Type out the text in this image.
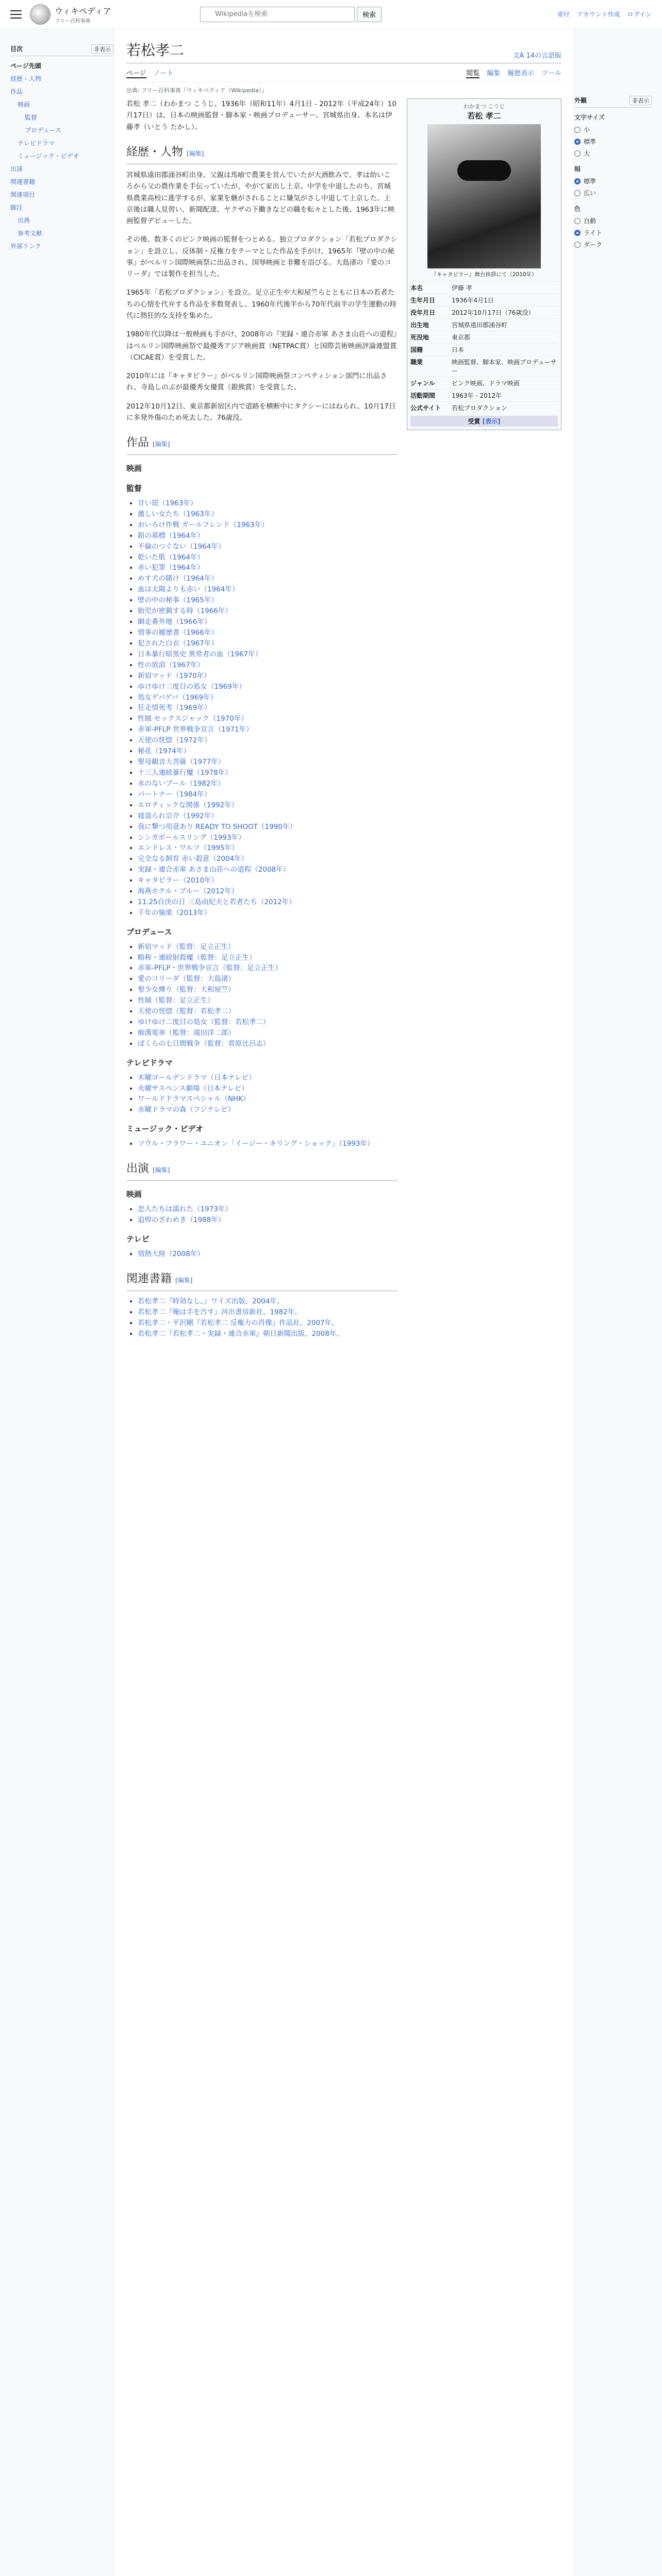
ウィキペディア
フリー百科事典
Wikipediaを検索
検索	寄付 アカウント作成 ログイン
目次	非表示
ページ先頭
経歴・人物
作品
映画
監督
プロデュース
テレビドラマ
ミュージック・ビデオ
出演
関連書籍
関連項目
脚注
出典
参考文献
外部リンク
若松孝二	文A 14の言語版
ページ ノート	閲覧 編集 履歴表示 ツール
出典: フリー百科事典『ウィキペディア（Wikipedia）』

若松 孝二（わかまつ こうじ、1936年（昭和11年）4月1日 - 2012年（平成24年）10月17日）は、日本の映画監督・脚本家・映画プロデューサー。宮城県出身。本名は伊藤孝（いとう たかし）。

経歴・人物 [編集]

宮城県遠田郡涌谷町出身。父親は馬喰で農業を営んでいたが大酒飲みで、孝は幼いころから父の農作業を手伝っていたが、やがて家出し上京。中学を中退したのち、宮城県農業高校に進学するが、家業を継がされることに嫌気がさし中退して上京した。上京後は職人見習い、新聞配達、ヤクザの下働きなどの職を転々とした後、1963年に映画監督デビューした。

その後、数多くのピンク映画の監督をつとめる。独立プロダクション「若松プロダクション」を設立し、反体制・反権力をテーマとした作品を手がけ、1965年『壁の中の秘事』がベルリン国際映画祭に出品され、国辱映画と非難を浴びる。大島渚の『愛のコリーダ』では製作を担当した。

1965年「若松プロダクション」を設立。足立正生や大和屋竺らとともに日本の若者たちの心情を代弁する作品を多数発表し、1960年代後半から70年代前半の学生運動の時代に熱狂的な支持を集めた。

1980年代以降は一般映画も手がけ、2008年の『実録・連合赤軍 あさま山荘への道程』はベルリン国際映画祭で最優秀アジア映画賞（NETPAC賞）と国際芸術映画評論連盟賞（CICAE賞）を受賞した。

2010年には『キャタピラー』がベルリン国際映画祭コンペティション部門に出品され、寺島しのぶが最優秀女優賞（銀熊賞）を受賞した。

2012年10月12日、東京都新宿区内で道路を横断中にタクシーにはねられ、10月17日に多発外傷のため死去した。76歳没。

作品 [編集]
映画
監督
• 甘い罠（1963年）
• 激しい女たち（1963年）
• おいろけ作戦 ガールフレンド（1963年）
• 鉛の墓標（1964年）
• 不倫のつぐない（1964年）
• 乾いた肌（1964年）
• 赤い犯罪（1964年）
• めす犬の賭け（1964年）
• 血は太陽よりも赤い（1964年）
• 壁の中の秘事（1965年）
• 胎児が密猟する時（1966年）
• 網走番外地（1966年）
• 情事の履歴書（1966年）
• 犯された白衣（1967年）
• 日本暴行暗黒史 異常者の血（1967年）
• 性の放浪（1967年）
• 新宿マッド（1970年）
• ゆけゆけ二度目の処女（1969年）
• 処女ゲバゲバ（1969年）
• 狂走情死考（1969年）
• 性賊 セックスジャック（1970年）
• 赤軍-PFLP 世界戦争宣言（1971年）
• 天使の恍惚（1972年）
• 秘花（1974年）
• 聖母観音大菩薩（1977年）
• 十三人連続暴行魔（1978年）
• 水のないプール（1982年）
• パートナー（1984年）
• エロティックな関係（1992年）
• 寝盗られ宗介（1992年）
• 我に撃つ用意あり READY TO SHOOT（1990年）
• シンガポールスリング（1993年）
• エンドレス・ワルツ（1995年）
• 完全なる飼育 赤い殺意（2004年）
• 実録・連合赤軍 あさま山荘への道程（2008年）
• キャタピラー（2010年）
• 海燕ホテル・ブルー（2012年）
• 11.25自決の日 三島由紀夫と若者たち（2012年）
• 千年の愉楽（2013年）
プロデュース
• 新宿マッド（監督：足立正生）
• 略称・連続射殺魔（監督：足立正生）
• 赤軍-PFLP・世界戦争宣言（監督：足立正生）
• 愛のコリーダ（監督：大島渚）
• 聖少女縛り（監督：大和屋竺）
• 性賊（監督：足立正生）
• 天使の恍惚（監督：若松孝二）
• ゆけゆけ二度目の処女（監督：若松孝二）
• 痴漢電車（監督：滝田洋二郎）
• ぼくらの七日間戦争（監督：菅原比呂志）
テレビドラマ
• 木曜ゴールデンドラマ（日本テレビ）
• 火曜サスペンス劇場（日本テレビ）
• ワールドドラマスペシャル（NHK）
• 水曜ドラマの森（フジテレビ）
ミュージック・ビデオ
• ソウル・フラワー・ユニオン「イージー・キリング・ショック」（1993年）
出演 [編集]
映画
• 恋人たちは濡れた（1973年）
• 追悼のざわめき（1988年）
テレビ
• 情熱大陸（2008年）
関連書籍 [編集]
• 若松孝二『時効なし。』ワイズ出版、2004年。
• 若松孝二『俺は手を汚す』河出書房新社、1982年。
• 若松孝二・平沢剛『若松孝二 反権力の肖像』作品社、2007年。
• 若松孝二『若松孝二・実録・連合赤軍』朝日新聞出版、2008年。
わかまつ こうじ
若松 孝二
『キャタピラー』舞台挨拶にて（2010年）
本名	伊藤 孝
生年月日	1936年4月1日
没年月日	2012年10月17日（76歳没）
出生地	宮城県遠田郡涌谷町
死没地	東京都
国籍	日本
職業	映画監督、脚本家、映画プロデューサー
ジャンル	ピンク映画、ドラマ映画
活動期間	1963年 - 2012年
公式サイト	若松プロダクション
受賞 [表示]
外観	非表示
文字サイズ
小
標準
大
幅
標準
広い
色
自動
ライト
ダーク
